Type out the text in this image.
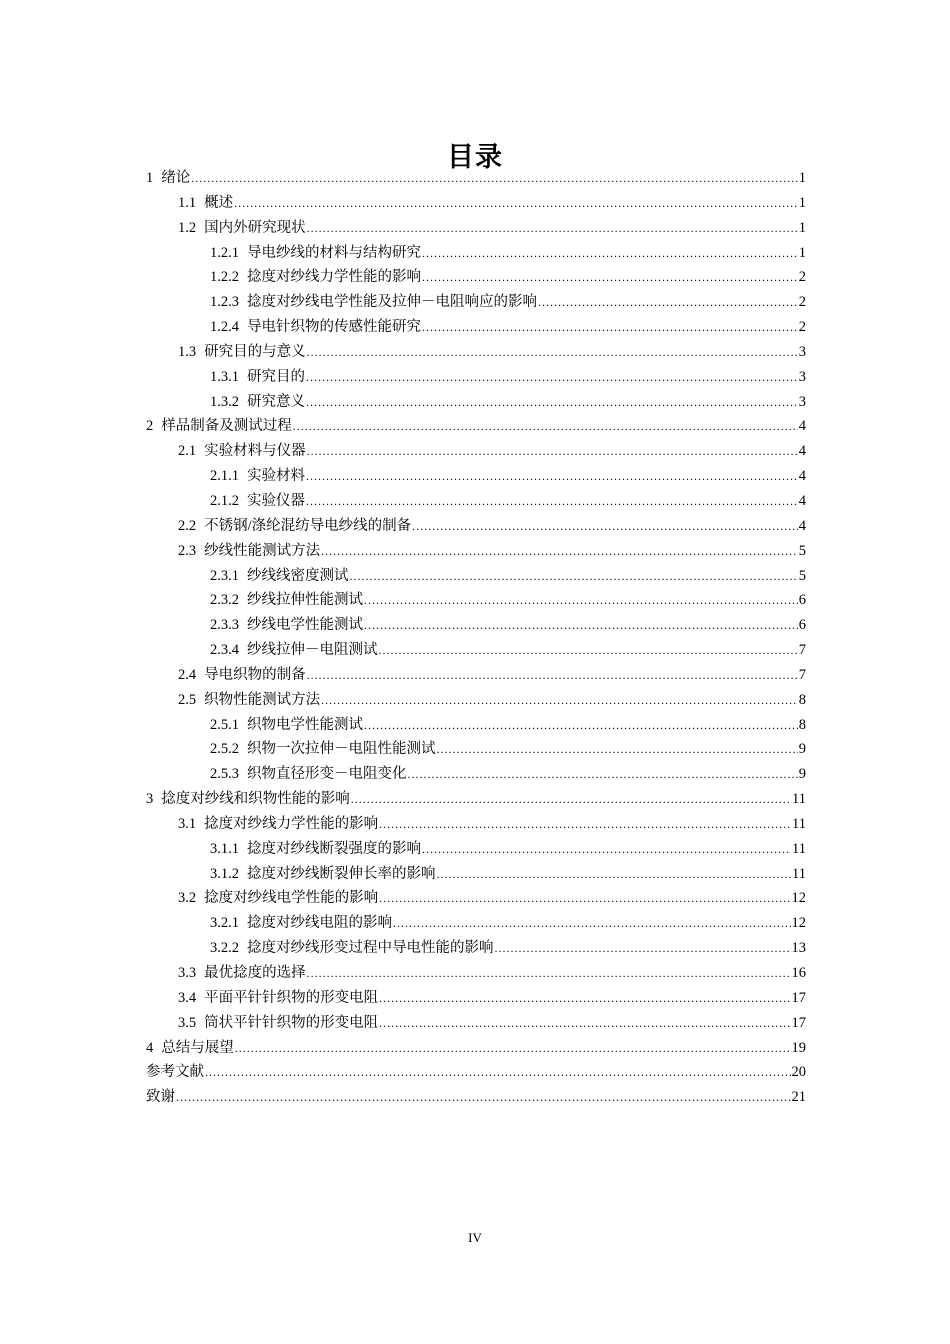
目录
1 绪论 .....	1
1.1 概述 .....	1
1.2 国内外研究现状 .....	1
1.2.1 导电纱线的材料与结构研究 .....	1
1.2.2 捻度对纱线力学性能的影响 .....	2
1.2.3 捻度对纱线电学性能及拉伸－电阻响应的影响 .....	2
1.2.4 导电针织物的传感性能研究 .....	2
1.3 研究目的与意义 .....	3
1.3.1 研究目的 .....	3
1.3.2 研究意义 .....	3
2 样品制备及测试过程 .....	4
2.1 实验材料与仪器 .....	4
2.1.1 实验材料 .....	4
2.1.2 实验仪器 .....	4
2.2 不锈钢/涤纶混纺导电纱线的制备 .....	4
2.3 纱线性能测试方法 .....	5
2.3.1 纱线线密度测试 .....	5
2.3.2 纱线拉伸性能测试 .....	6
2.3.3 纱线电学性能测试 .....	6
2.3.4 纱线拉伸－电阻测试 .....	7
2.4 导电织物的制备 .....	7
2.5 织物性能测试方法 .....	8
2.5.1 织物电学性能测试 .....	8
2.5.2 织物一次拉伸－电阻性能测试 .....	9
2.5.3 织物直径形变－电阻变化 .....	9
3 捻度对纱线和织物性能的影响 .....	11
3.1 捻度对纱线力学性能的影响 .....	11
3.1.1 捻度对纱线断裂强度的影响 .....	11
3.1.2 捻度对纱线断裂伸长率的影响 .....	11
3.2 捻度对纱线电学性能的影响 .....	12
3.2.1 捻度对纱线电阻的影响 .....	12
3.2.2 捻度对纱线形变过程中导电性能的影响 .....	13
3.3 最优捻度的选择 .....	16
3.4 平面平针针织物的形变电阻 .....	17
3.5 筒状平针针织物的形变电阻 .....	17
4 总结与展望 .....	19
参考文献 .....	20
致谢 .....	21
IV
